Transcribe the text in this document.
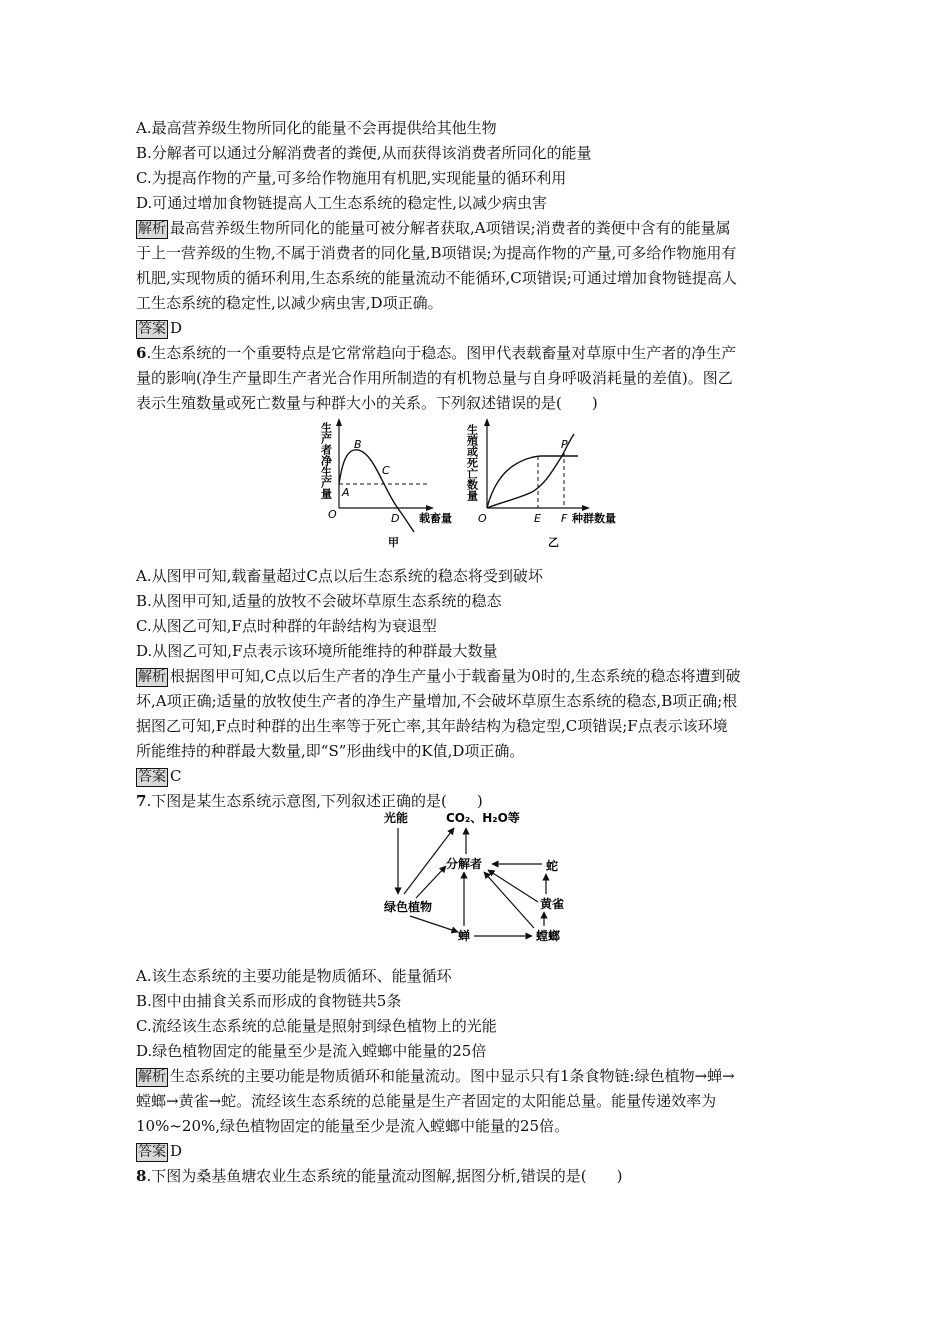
A.最高营养级生物所同化的能量不会再提供给其他生物
B.分解者可以通过分解消费者的粪便,从而获得该消费者所同化的能量
C.为提高作物的产量,可多给作物施用有机肥,实现能量的循环利用
D.可通过增加食物链提高人工生态系统的稳定性,以减少病虫害
解析 最高营养级生物所同化的能量可被分解者获取,A项错误;消费者的粪便中含有的能量属
于上一营养级的生物,不属于消费者的同化量,B项错误;为提高作物的产量,可多给作物施用有
机肥,实现物质的循环利用,生态系统的能量流动不能循环,C项错误;可通过增加食物链提高人
工生态系统的稳定性,以减少病虫害,D项正确。
答案 D
6.生态系统的一个重要特点是它常常趋向于稳态。图甲代表载畜量对草原中生产者的净生产
量的影响(净生产量即生产者光合作用所制造的有机物总量与自身呼吸消耗量的差值)。图乙
表示生殖数量或死亡数量与种群大小的关系。下列叙述错误的是(　　)
生产者净生产量 B
C
A
O	D 载畜量
甲
生殖或死亡数量	P
O	E F 种群数量
乙
A.从图甲可知,载畜量超过C点以后生态系统的稳态将受到破坏
B.从图甲可知,适量的放牧不会破坏草原生态系统的稳态
C.从图乙可知,F点时种群的年龄结构为衰退型
D.从图乙可知,F点表示该环境所能维持的种群最大数量
解析 根据图甲可知,C点以后生产者的净生产量小于载畜量为0时的,生态系统的稳态将遭到破
坏,A项正确;适量的放牧使生产者的净生产量增加,不会破坏草原生态系统的稳态,B项正确;根
据图乙可知,F点时种群的出生率等于死亡率,其年龄结构为稳定型,C项错误;F点表示该环境
所能维持的种群最大数量,即“S”形曲线中的K值,D项正确。
答案 C
7.下图是某生态系统示意图,下列叙述正确的是(　　)
光能	CO₂、H₂O等
分解者	蛇
绿色植物	黄雀
蝉	螳螂
A.该生态系统的主要功能是物质循环、能量循环
B.图中由捕食关系而形成的食物链共5条
C.流经该生态系统的总能量是照射到绿色植物上的光能
D.绿色植物固定的能量至少是流入螳螂中能量的25倍
解析 生态系统的主要功能是物质循环和能量流动。图中显示只有1条食物链:绿色植物→蝉→
螳螂→黄雀→蛇。流经该生态系统的总能量是生产者固定的太阳能总量。能量传递效率为
10%~20%,绿色植物固定的能量至少是流入螳螂中能量的25倍。
答案 D
8.下图为桑基鱼塘农业生态系统的能量流动图解,据图分析,错误的是(　　)
